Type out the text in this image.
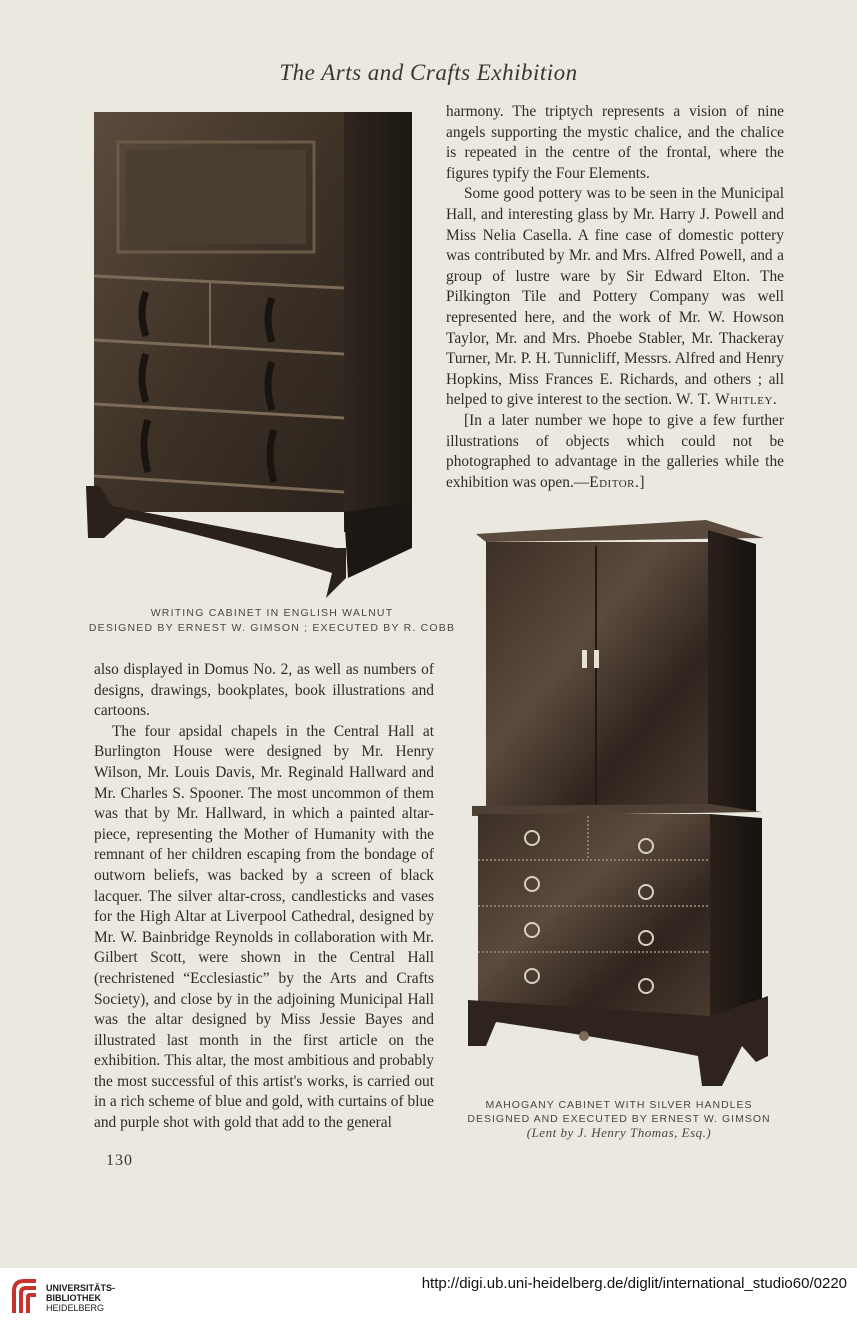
The Arts and Crafts Exhibition
WRITING CABINET IN ENGLISH WALNUT
DESIGNED BY ERNEST W. GIMSON ; EXECUTED BY R. COBB

also displayed in Domus No. 2, as well as numbers of designs, drawings, bookplates, book illustrations and cartoons.

The four apsidal chapels in the Central Hall at Burlington House were designed by Mr. Henry Wilson, Mr. Louis Davis, Mr. Reginald Hallward and Mr. Charles S. Spooner. The most uncommon of them was that by Mr. Hallward, in which a painted altar-piece, representing the Mother of Humanity with the remnant of her children escaping from the bondage of outworn beliefs, was backed by a screen of black lacquer. The silver altar-cross, candlesticks and vases for the High Altar at Liverpool Cathedral, designed by Mr. W. Bainbridge Reynolds in collaboration with Mr. Gilbert Scott, were shown in the Central Hall (rechristened “Ecclesiastic” by the Arts and Crafts Society), and close by in the adjoining Municipal Hall was the altar designed by Miss Jessie Bayes and illustrated last month in the first article on the exhibition. This altar, the most ambitious and probably the most successful of this artist's works, is carried out in a rich scheme of blue and gold, with curtains of blue and purple shot with gold that add to the general

harmony. The triptych represents a vision of nine angels supporting the mystic chalice, and the chalice is repeated in the centre of the frontal, where the figures typify the Four Elements.

Some good pottery was to be seen in the Municipal Hall, and interesting glass by Mr. Harry J. Powell and Miss Nelia Casella. A fine case of domestic pottery was contributed by Mr. and Mrs. Alfred Powell, and a group of lustre ware by Sir Edward Elton. The Pilkington Tile and Pottery Company was well represented here, and the work of Mr. W. Howson Taylor, Mr. and Mrs. Phoebe Stabler, Mr. Thackeray Turner, Mr. P. H. Tunnicliff, Messrs. Alfred and Henry Hopkins, Miss Frances E. Richards, and others ; all helped to give interest to the section. W. T. Whitley.

[In a later number we hope to give a few further illustrations of objects which could not be photographed to advantage in the galleries while the exhibition was open.—Editor.]

MAHOGANY CABINET WITH SILVER HANDLES
DESIGNED AND EXECUTED BY ERNEST W. GIMSON
(Lent by J. Henry Thomas, Esq.)
130
UNIVERSITÄTS-
BIBLIOTHEK
HEIDELBERG
http://digi.ub.uni-heidelberg.de/diglit/international_studio60/0220
